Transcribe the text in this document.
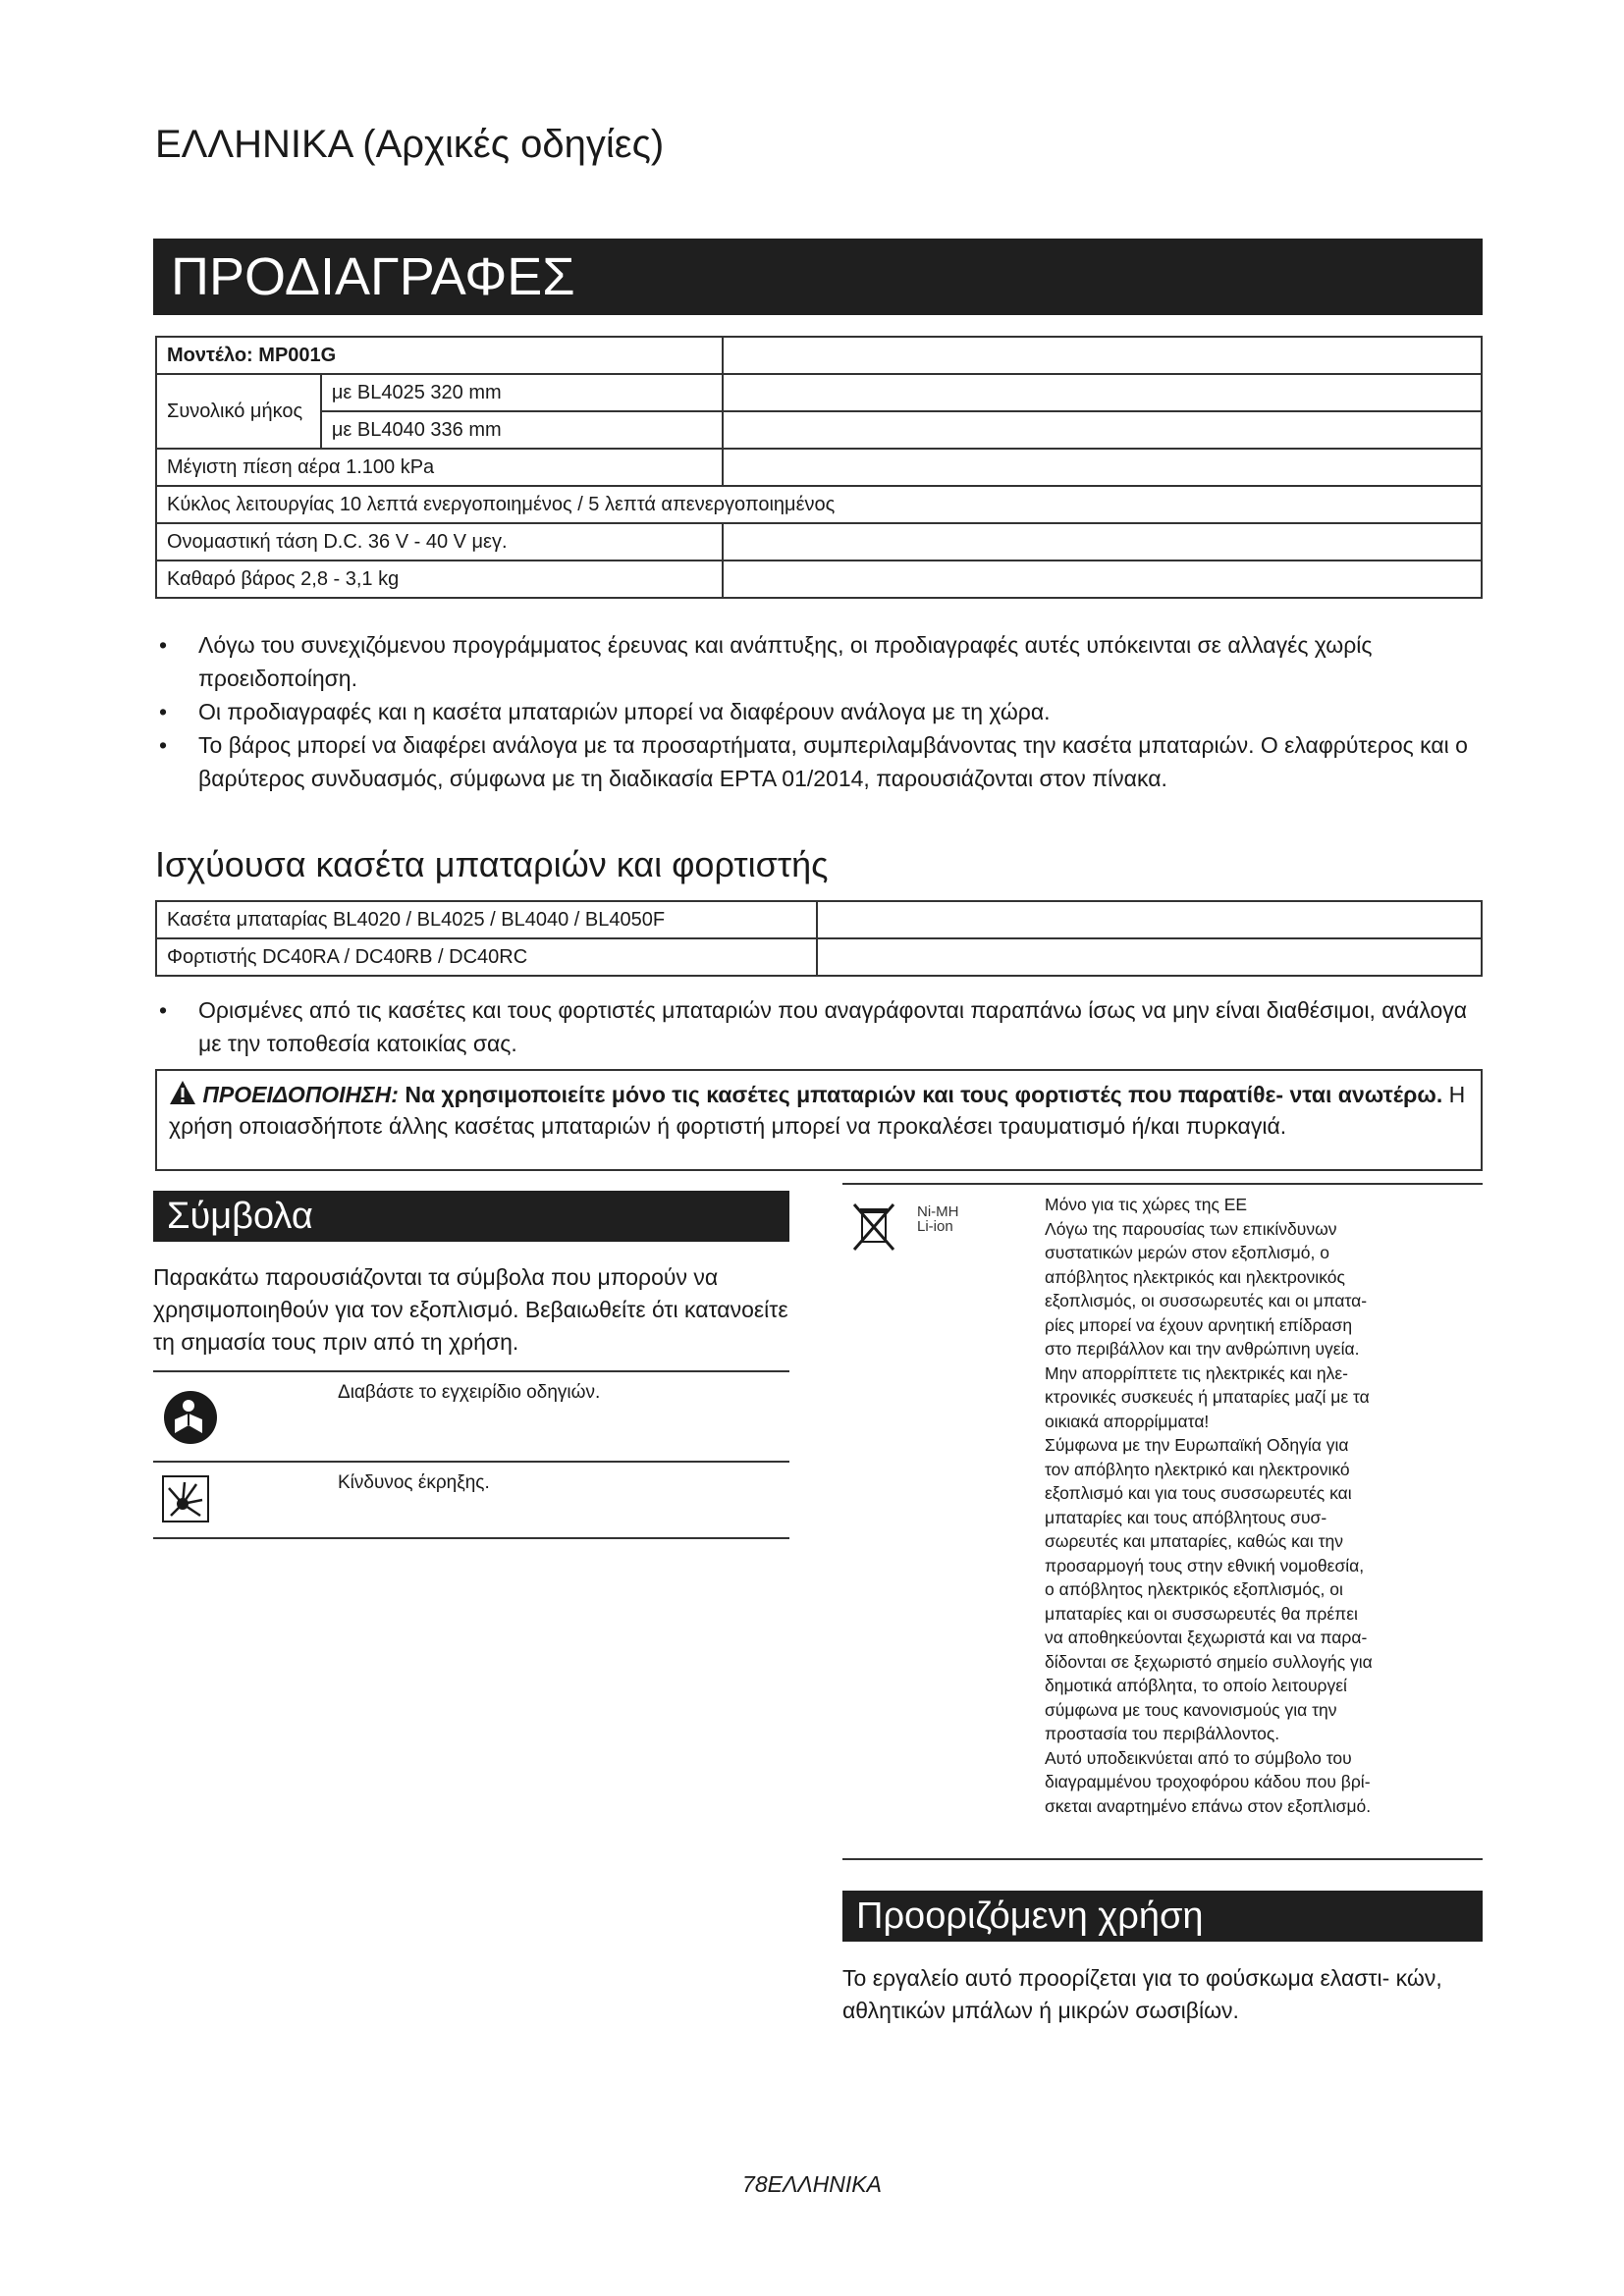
ΕΛΛΗΝΙΚΑ (Αρχικές οδηγίες)
ΠΡΟΔΙΑΓΡΑΦΕΣ
Μοντέλο: MP001G		
Συνολικό μήκος	με BL4025 320 mm	
	με BL4040 336 mm	
Μέγιστη πίεση αέρα 1.100 kPa		
Κύκλος λειτουργίας 10 λεπτά ενεργοποιημένος / 5 λεπτά απενεργοποιημένος		
Ονομαστική τάση D.C. 36 V - 40 V μεγ.		
Καθαρό βάρος 2,8 - 3,1 kg		
• Λόγω του συνεχιζόμενου προγράμματος έρευνας και ανάπτυξης, οι προδιαγραφές αυτές υπόκεινται σε αλλαγές χωρίς προειδοποίηση.
• Οι προδιαγραφές και η κασέτα μπαταριών μπορεί να διαφέρουν ανάλογα με τη χώρα.
• Το βάρος μπορεί να διαφέρει ανάλογα με τα προσαρτήματα, συμπεριλαμβάνοντας την κασέτα μπαταριών. Ο ελαφρύτερος και ο βαρύτερος συνδυασμός, σύμφωνα με τη διαδικασία EPTA 01/2014, παρουσιάζονται στον πίνακα.
Ισχύουσα κασέτα μπαταριών και φορτιστής
Κασέτα μπαταρίας BL4020 / BL4025 / BL4040 / BL4050F	
Φορτιστής DC40RA / DC40RB / DC40RC	
• Ορισμένες από τις κασέτες και τους φορτιστές μπαταριών που αναγράφονται παραπάνω ίσως να μην είναι διαθέσιμοι, ανάλογα με την τοποθεσία κατοικίας σας.
ΠΡΟΕΙΔΟΠΟΙΗΣΗ: Να χρησιμοποιείτε μόνο τις κασέτες μπαταριών και τους φορτιστές που παρατίθε- νται ανωτέρω. Η χρήση οποιασδήποτε άλλης κασέτας μπαταριών ή φορτιστή μπορεί να προκαλέσει τραυματισμό ή/και πυρκαγιά.
Σύμβολα
Παρακάτω παρουσιάζονται τα σύμβολα που μπορούν να χρησιμοποιηθούν για τον εξοπλισμό. Βεβαιωθείτε ότι κατανοείτε τη σημασία τους πριν από τη χρήση.
Διαβάστε το εγχειρίδιο οδηγιών.
Κίνδυνος έκρηξης.
Ni-MH
Li-ion
Μόνο για τις χώρες της ΕΕ
Λόγω της παρουσίας των επικίνδυνων
συστατικών μερών στον εξοπλισμό, ο
απόβλητος ηλεκτρικός και ηλεκτρονικός
εξοπλισμός, οι συσσωρευτές και οι μπατα-
ρίες μπορεί να έχουν αρνητική επίδραση
στο περιβάλλον και την ανθρώπινη υγεία.
Μην απορρίπτετε τις ηλεκτρικές και ηλε-
κτρονικές συσκευές ή μπαταρίες μαζί με τα
οικιακά απορρίμματα!
Σύμφωνα με την Ευρωπαϊκή Οδηγία για
τον απόβλητο ηλεκτρικό και ηλεκτρονικό
εξοπλισμό και για τους συσσωρευτές και
μπαταρίες και τους απόβλητους συσ-
σωρευτές και μπαταρίες, καθώς και την
προσαρμογή τους στην εθνική νομοθεσία,
ο απόβλητος ηλεκτρικός εξοπλισμός, οι
μπαταρίες και οι συσσωρευτές θα πρέπει
να αποθηκεύονται ξεχωριστά και να παρα-
δίδονται σε ξεχωριστό σημείο συλλογής για
δημοτικά απόβλητα, το οποίο λειτουργεί
σύμφωνα με τους κανονισμούς για την
προστασία του περιβάλλοντος.
Αυτό υποδεικνύεται από το σύμβολο του
διαγραμμένου τροχοφόρου κάδου που βρί-
σκεται αναρτημένο επάνω στον εξοπλισμό.
Προοριζόμενη χρήση
Το εργαλείο αυτό προορίζεται για το φούσκωμα ελαστι- κών, αθλητικών μπάλων ή μικρών σωσιβίων.
78ΕΛΛΗΝΙΚΑ
